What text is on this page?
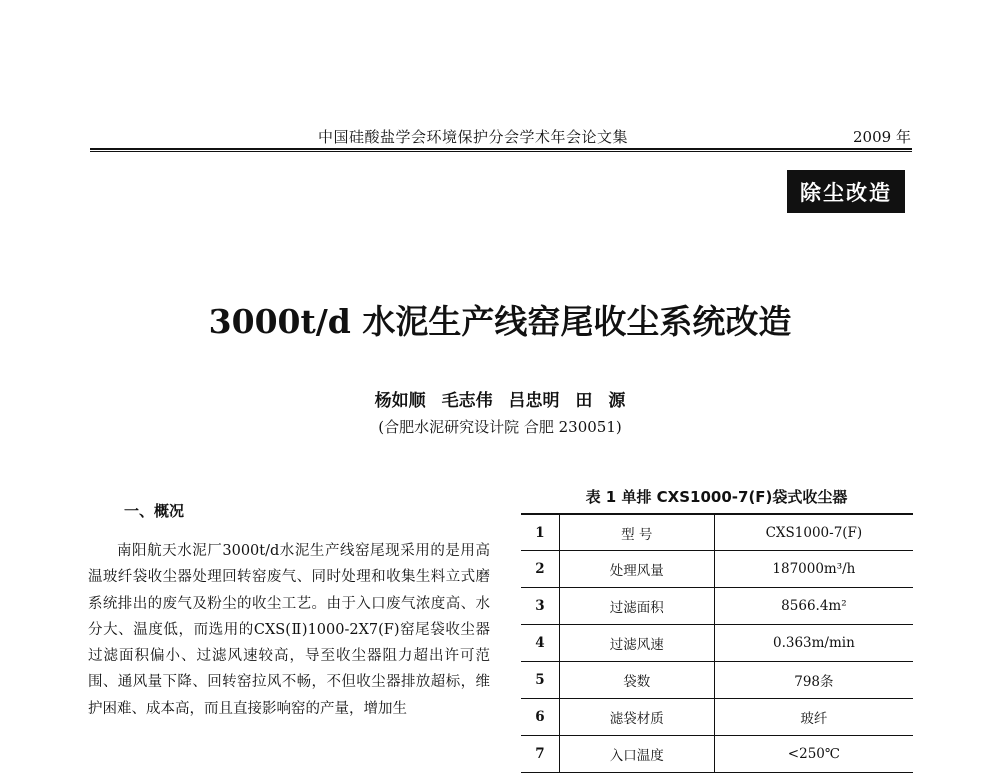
中国硅酸盐学会环境保护分会学术年会论文集	2009 年
除尘改造
3000t/d 水泥生产线窑尾收尘系统改造
杨如顺 毛志伟 吕忠明 田 源
(合肥水泥研究设计院 合肥 230051)
一、概况

南阳航天水泥厂3000t/d水泥生产线窑尾现采用的是用高温玻纤袋收尘器处理回转窑废气、同时处理和收集生料立式磨系统排出的废气及粉尘的收尘工艺。由于入口废气浓度高、水分大、温度低，而选用的CXS(Ⅱ)1000-2X7(F)窑尾袋收尘器过滤面积偏小、过滤风速较高，导至收尘器阻力超出许可范围、通风量下降、回转窑拉风不畅，不但收尘器排放超标，维护困难、成本高，而且直接影响窑的产量，增加生

表 1 单排 CXS1000-7(F)袋式收尘器
1	型 号	CXS1000-7(F)
2	处理风量	187000m³/h
3	过滤面积	8566.4m²
4	过滤风速	0.363m/min
5	袋数	798条
6	滤袋材质	玻纤
7	入口温度	<250℃
